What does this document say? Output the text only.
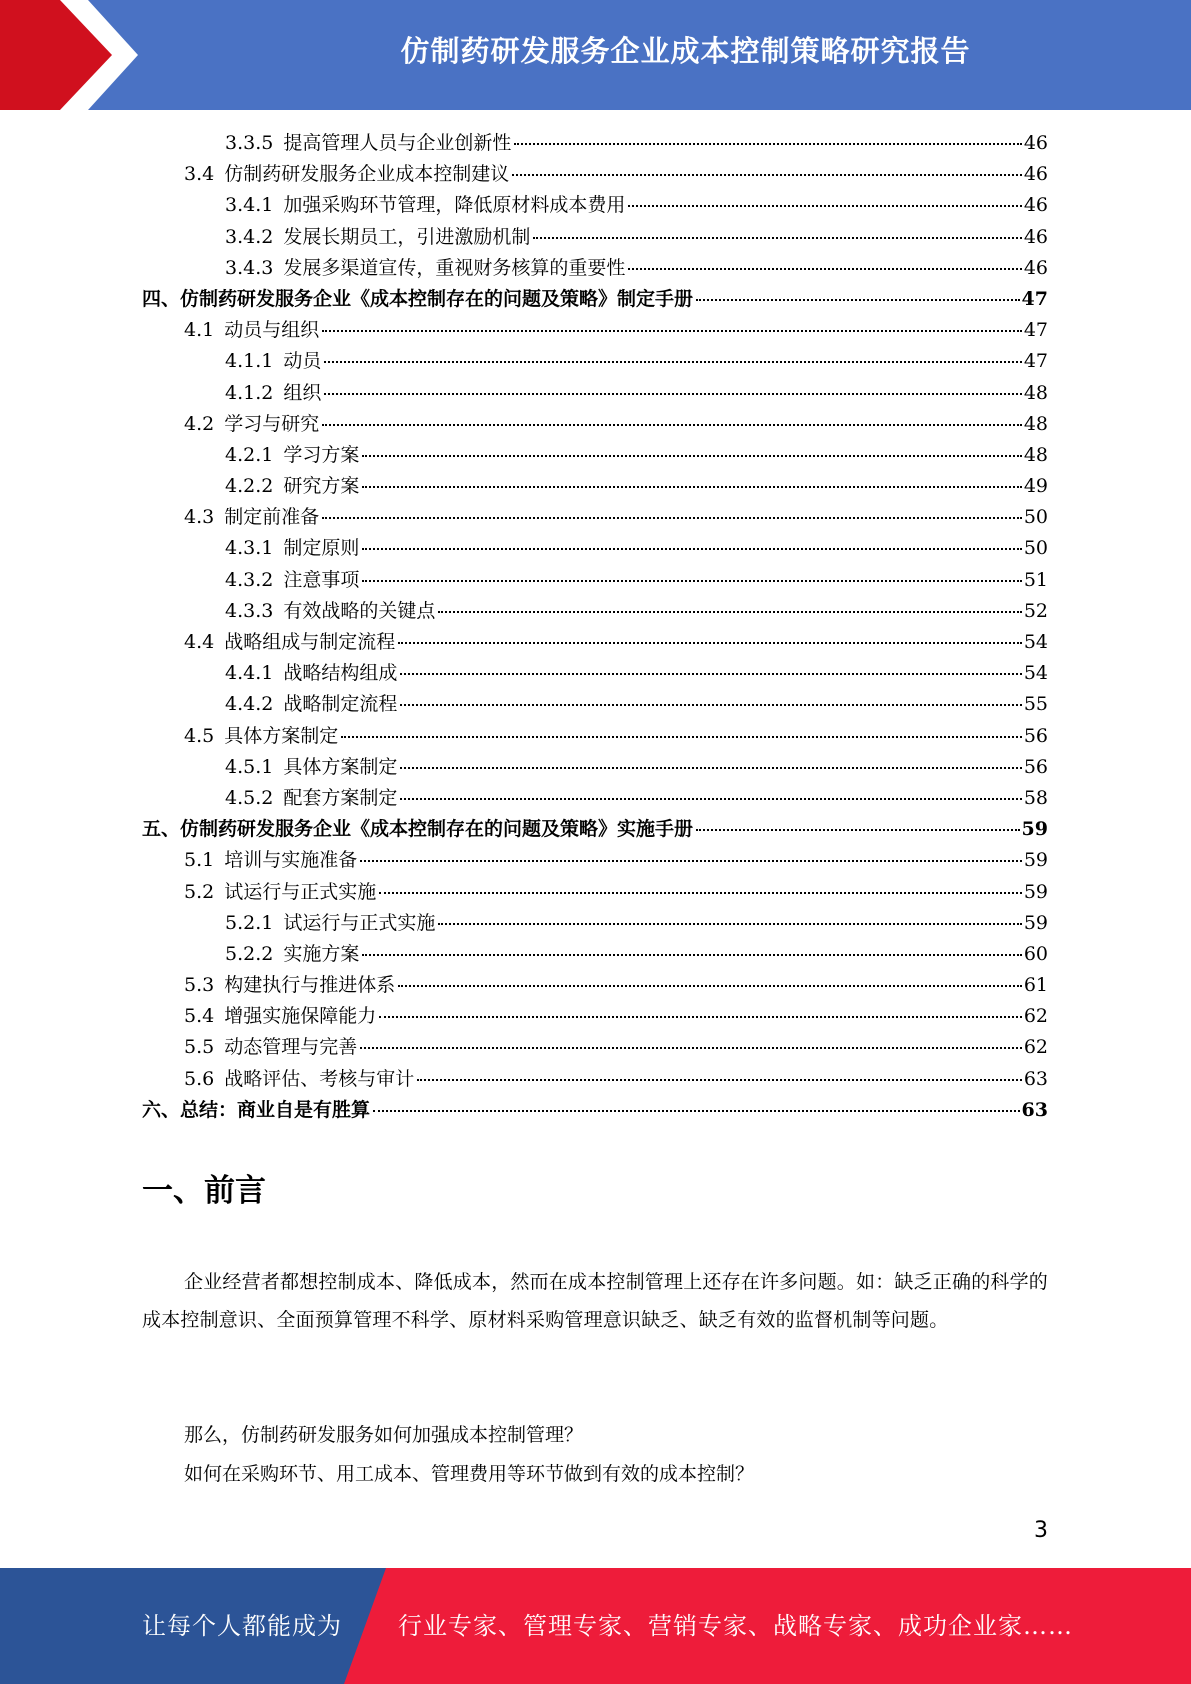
仿制药研发服务企业成本控制策略研究报告
3.3.5 提高管理人员与企业创新性	46
3.4 仿制药研发服务企业成本控制建议	46
3.4.1 加强采购环节管理，降低原材料成本费用	46
3.4.2 发展长期员工，引进激励机制	46
3.4.3 发展多渠道宣传，重视财务核算的重要性	46
四、仿制药研发服务企业《成本控制存在的问题及策略》制定手册	47
4.1 动员与组织	47
4.1.1 动员	47
4.1.2 组织	48
4.2 学习与研究	48
4.2.1 学习方案	48
4.2.2 研究方案	49
4.3 制定前准备	50
4.3.1 制定原则	50
4.3.2 注意事项	51
4.3.3 有效战略的关键点	52
4.4 战略组成与制定流程	54
4.4.1 战略结构组成	54
4.4.2 战略制定流程	55
4.5 具体方案制定	56
4.5.1 具体方案制定	56
4.5.2 配套方案制定	58
五、仿制药研发服务企业《成本控制存在的问题及策略》实施手册	59
5.1 培训与实施准备	59
5.2 试运行与正式实施	59
5.2.1 试运行与正式实施	59
5.2.2 实施方案	60
5.3 构建执行与推进体系	61
5.4 增强实施保障能力	62
5.5 动态管理与完善	62
5.6 战略评估、考核与审计	63
六、总结：商业自是有胜算	63
一、前言

企业经营者都想控制成本、降低成本，然而在成本控制管理上还存在许多问题。如：缺乏正确的科学的成本控制意识、全面预算管理不科学、原材料采购管理意识缺乏、缺乏有效的监督机制等问题。

那么，仿制药研发服务如何加强成本控制管理？

如何在采购环节、用工成本、管理费用等环节做到有效的成本控制？

3
让每个人都能成为 行业专家、管理专家、营销专家、战略专家、成功企业家……
